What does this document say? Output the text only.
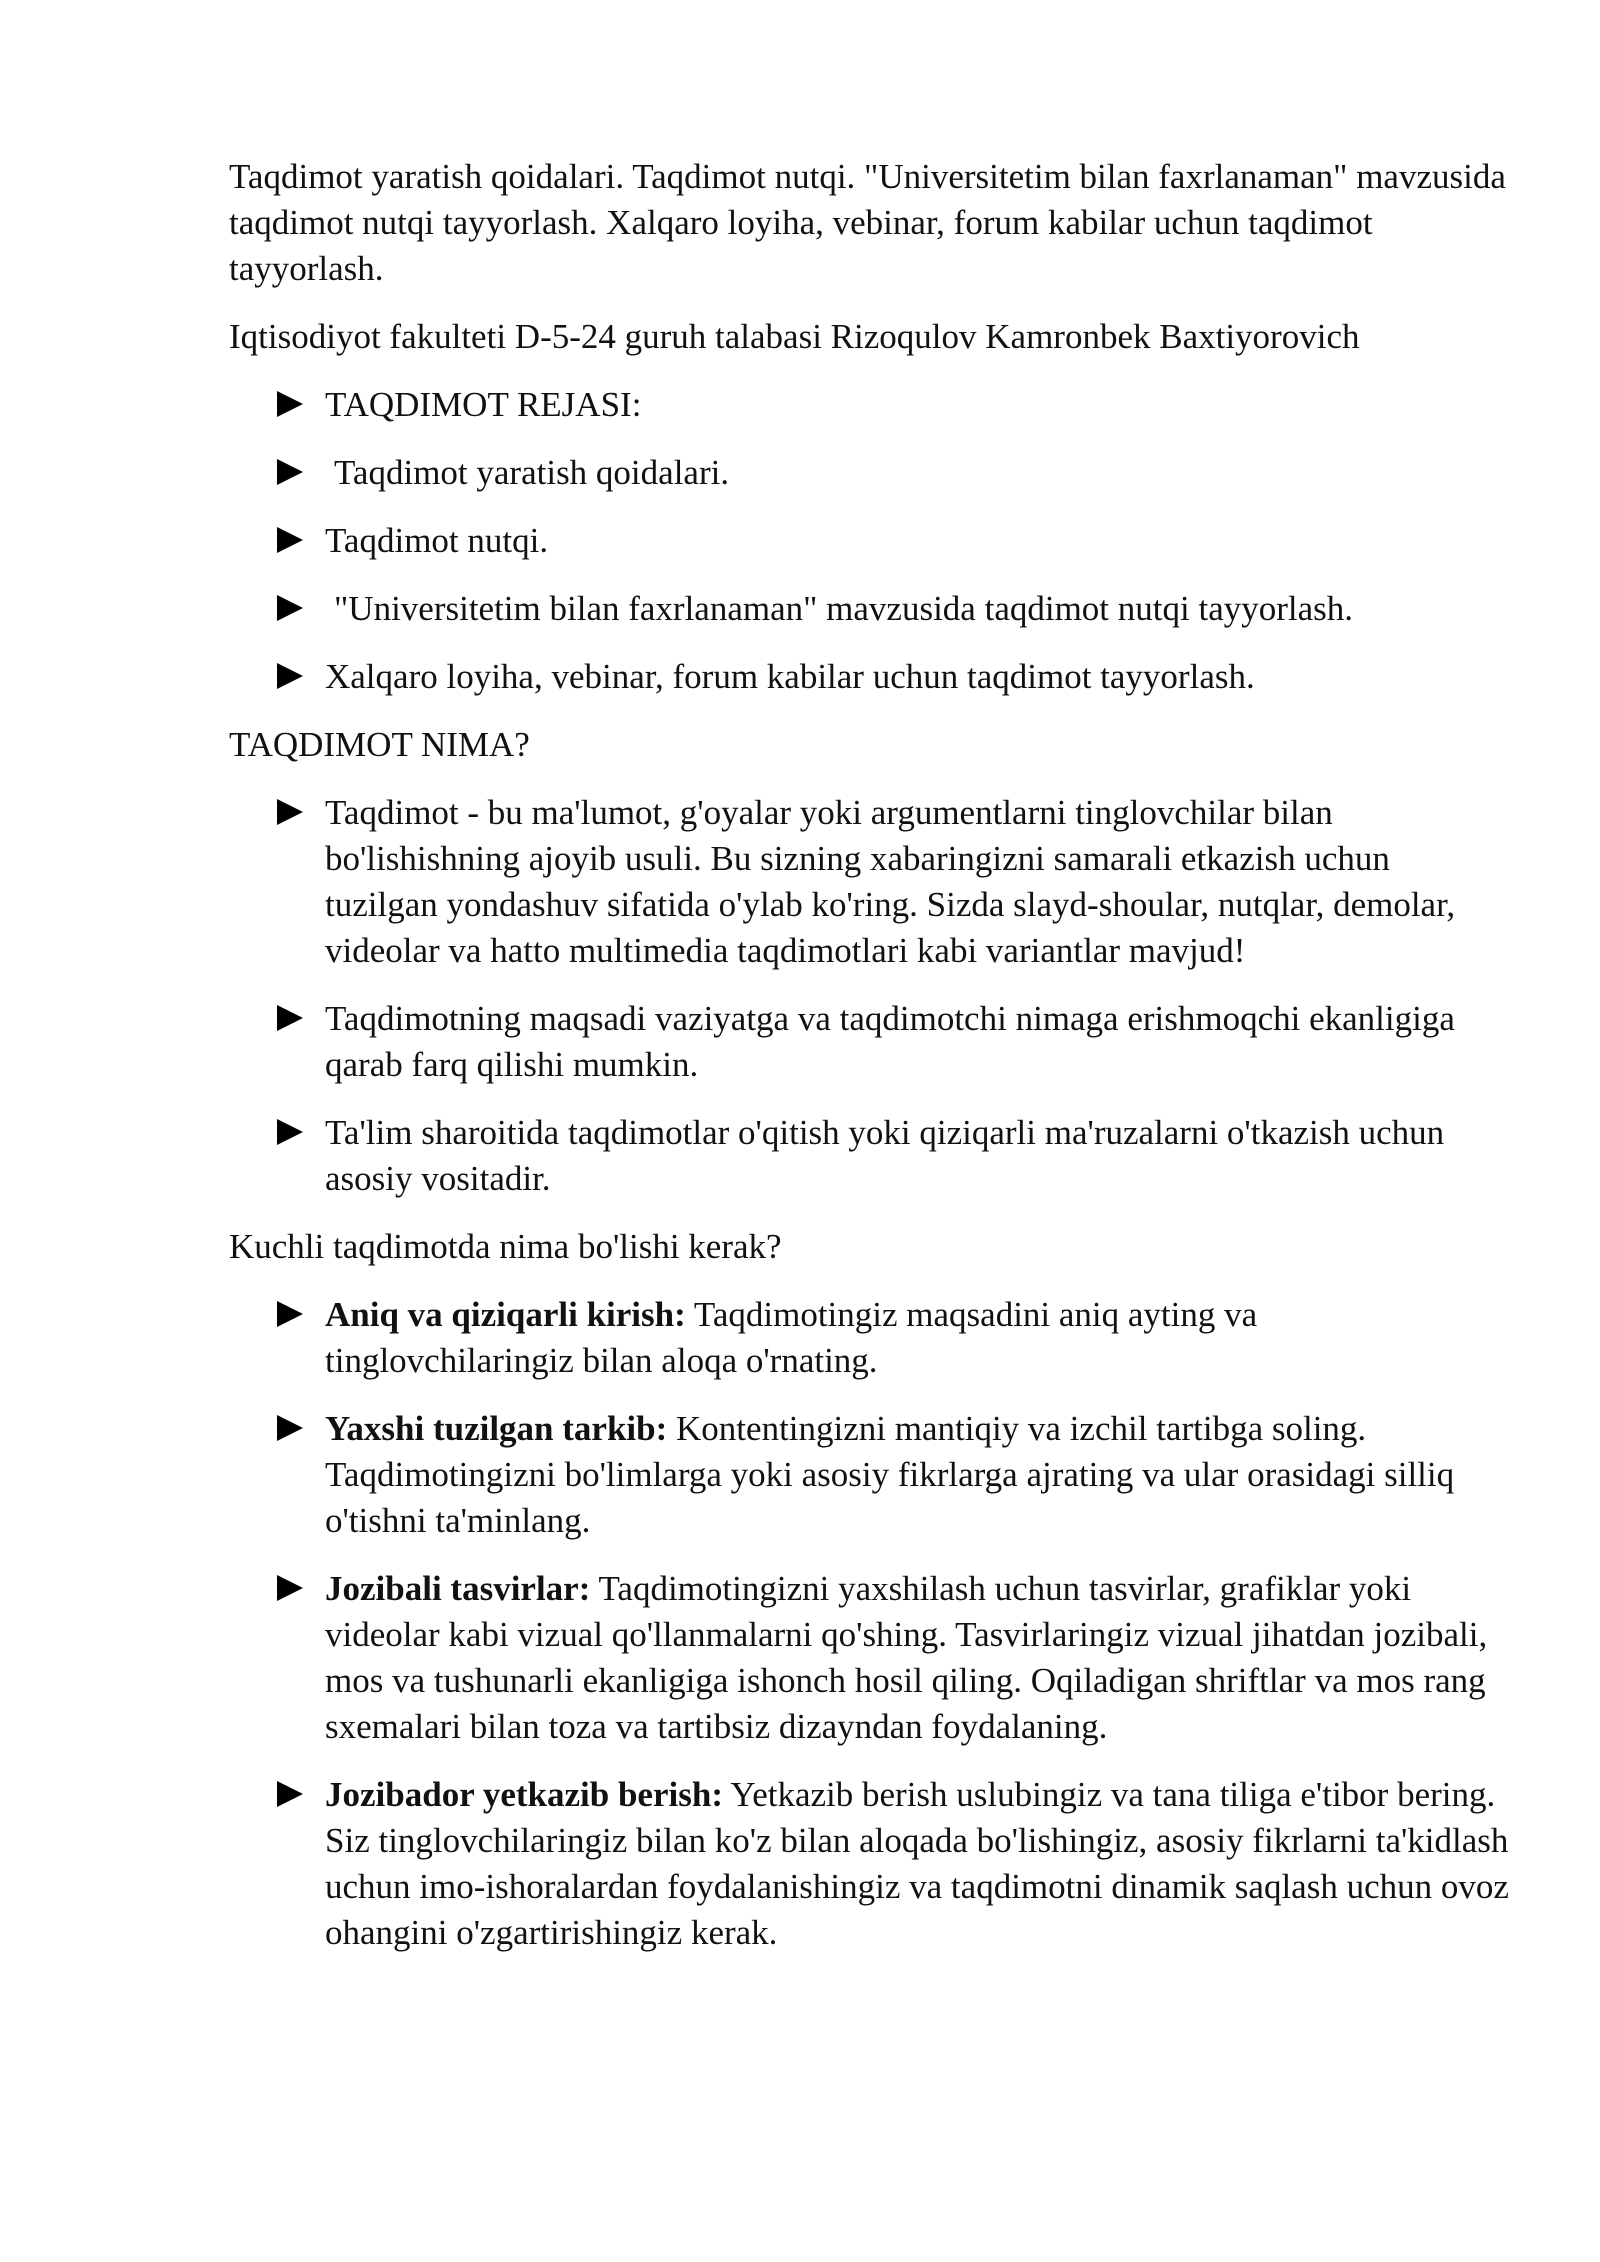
Taqdimot yaratish qoidalari. Taqdimot nutqi. "Universitetim bilan faxrlanaman" mavzusida taqdimot nutqi tayyorlash. Xalqaro loyiha, vebinar, forum kabilar uchun taqdimot tayyorlash.

Iqtisodiyot fakulteti D-5-24 guruh talabasi Rizoqulov Kamronbek Baxtiyorovich

TAQDIMOT REJASI:
Taqdimot yaratish qoidalari.
Taqdimot nutqi.
"Universitetim bilan faxrlanaman" mavzusida taqdimot nutqi tayyorlash.
Xalqaro loyiha, vebinar, forum kabilar uchun taqdimot tayyorlash.

TAQDIMOT NIMA?

Taqdimot - bu ma'lumot, g'oyalar yoki argumentlarni tinglovchilar bilan bo'lishishning ajoyib usuli. Bu sizning xabaringizni samarali etkazish uchun tuzilgan yondashuv sifatida o'ylab ko'ring. Sizda slayd-shoular, nutqlar, demolar, videolar va hatto multimedia taqdimotlari kabi variantlar mavjud!
Taqdimotning maqsadi vaziyatga va taqdimotchi nimaga erishmoqchi ekanligiga qarab farq qilishi mumkin.
Ta'lim sharoitida taqdimotlar o'qitish yoki qiziqarli ma'ruzalarni o'tkazish uchun asosiy vositadir.

Kuchli taqdimotda nima bo'lishi kerak?

Aniq va qiziqarli kirish: Taqdimotingiz maqsadini aniq ayting va tinglovchilaringiz bilan aloqa o'rnating.
Yaxshi tuzilgan tarkib: Kontentingizni mantiqiy va izchil tartibga soling. Taqdimotingizni bo'limlarga yoki asosiy fikrlarga ajrating va ular orasidagi silliq o'tishni ta'minlang.
Jozibali tasvirlar: Taqdimotingizni yaxshilash uchun tasvirlar, grafiklar yoki videolar kabi vizual qo'llanmalarni qo'shing. Tasvirlaringiz vizual jihatdan jozibali, mos va tushunarli ekanligiga ishonch hosil qiling. Oqiladigan shriftlar va mos rang sxemalari bilan toza va tartibsiz dizayndan foydalaning.
Jozibador yetkazib berish: Yetkazib berish uslubingiz va tana tiliga e'tibor bering. Siz tinglovchilaringiz bilan ko'z bilan aloqada bo'lishingiz, asosiy fikrlarni ta'kidlash uchun imo-ishoralardan foydalanishingiz va taqdimotni dinamik saqlash uchun ovoz ohangini o'zgartirishingiz kerak.
